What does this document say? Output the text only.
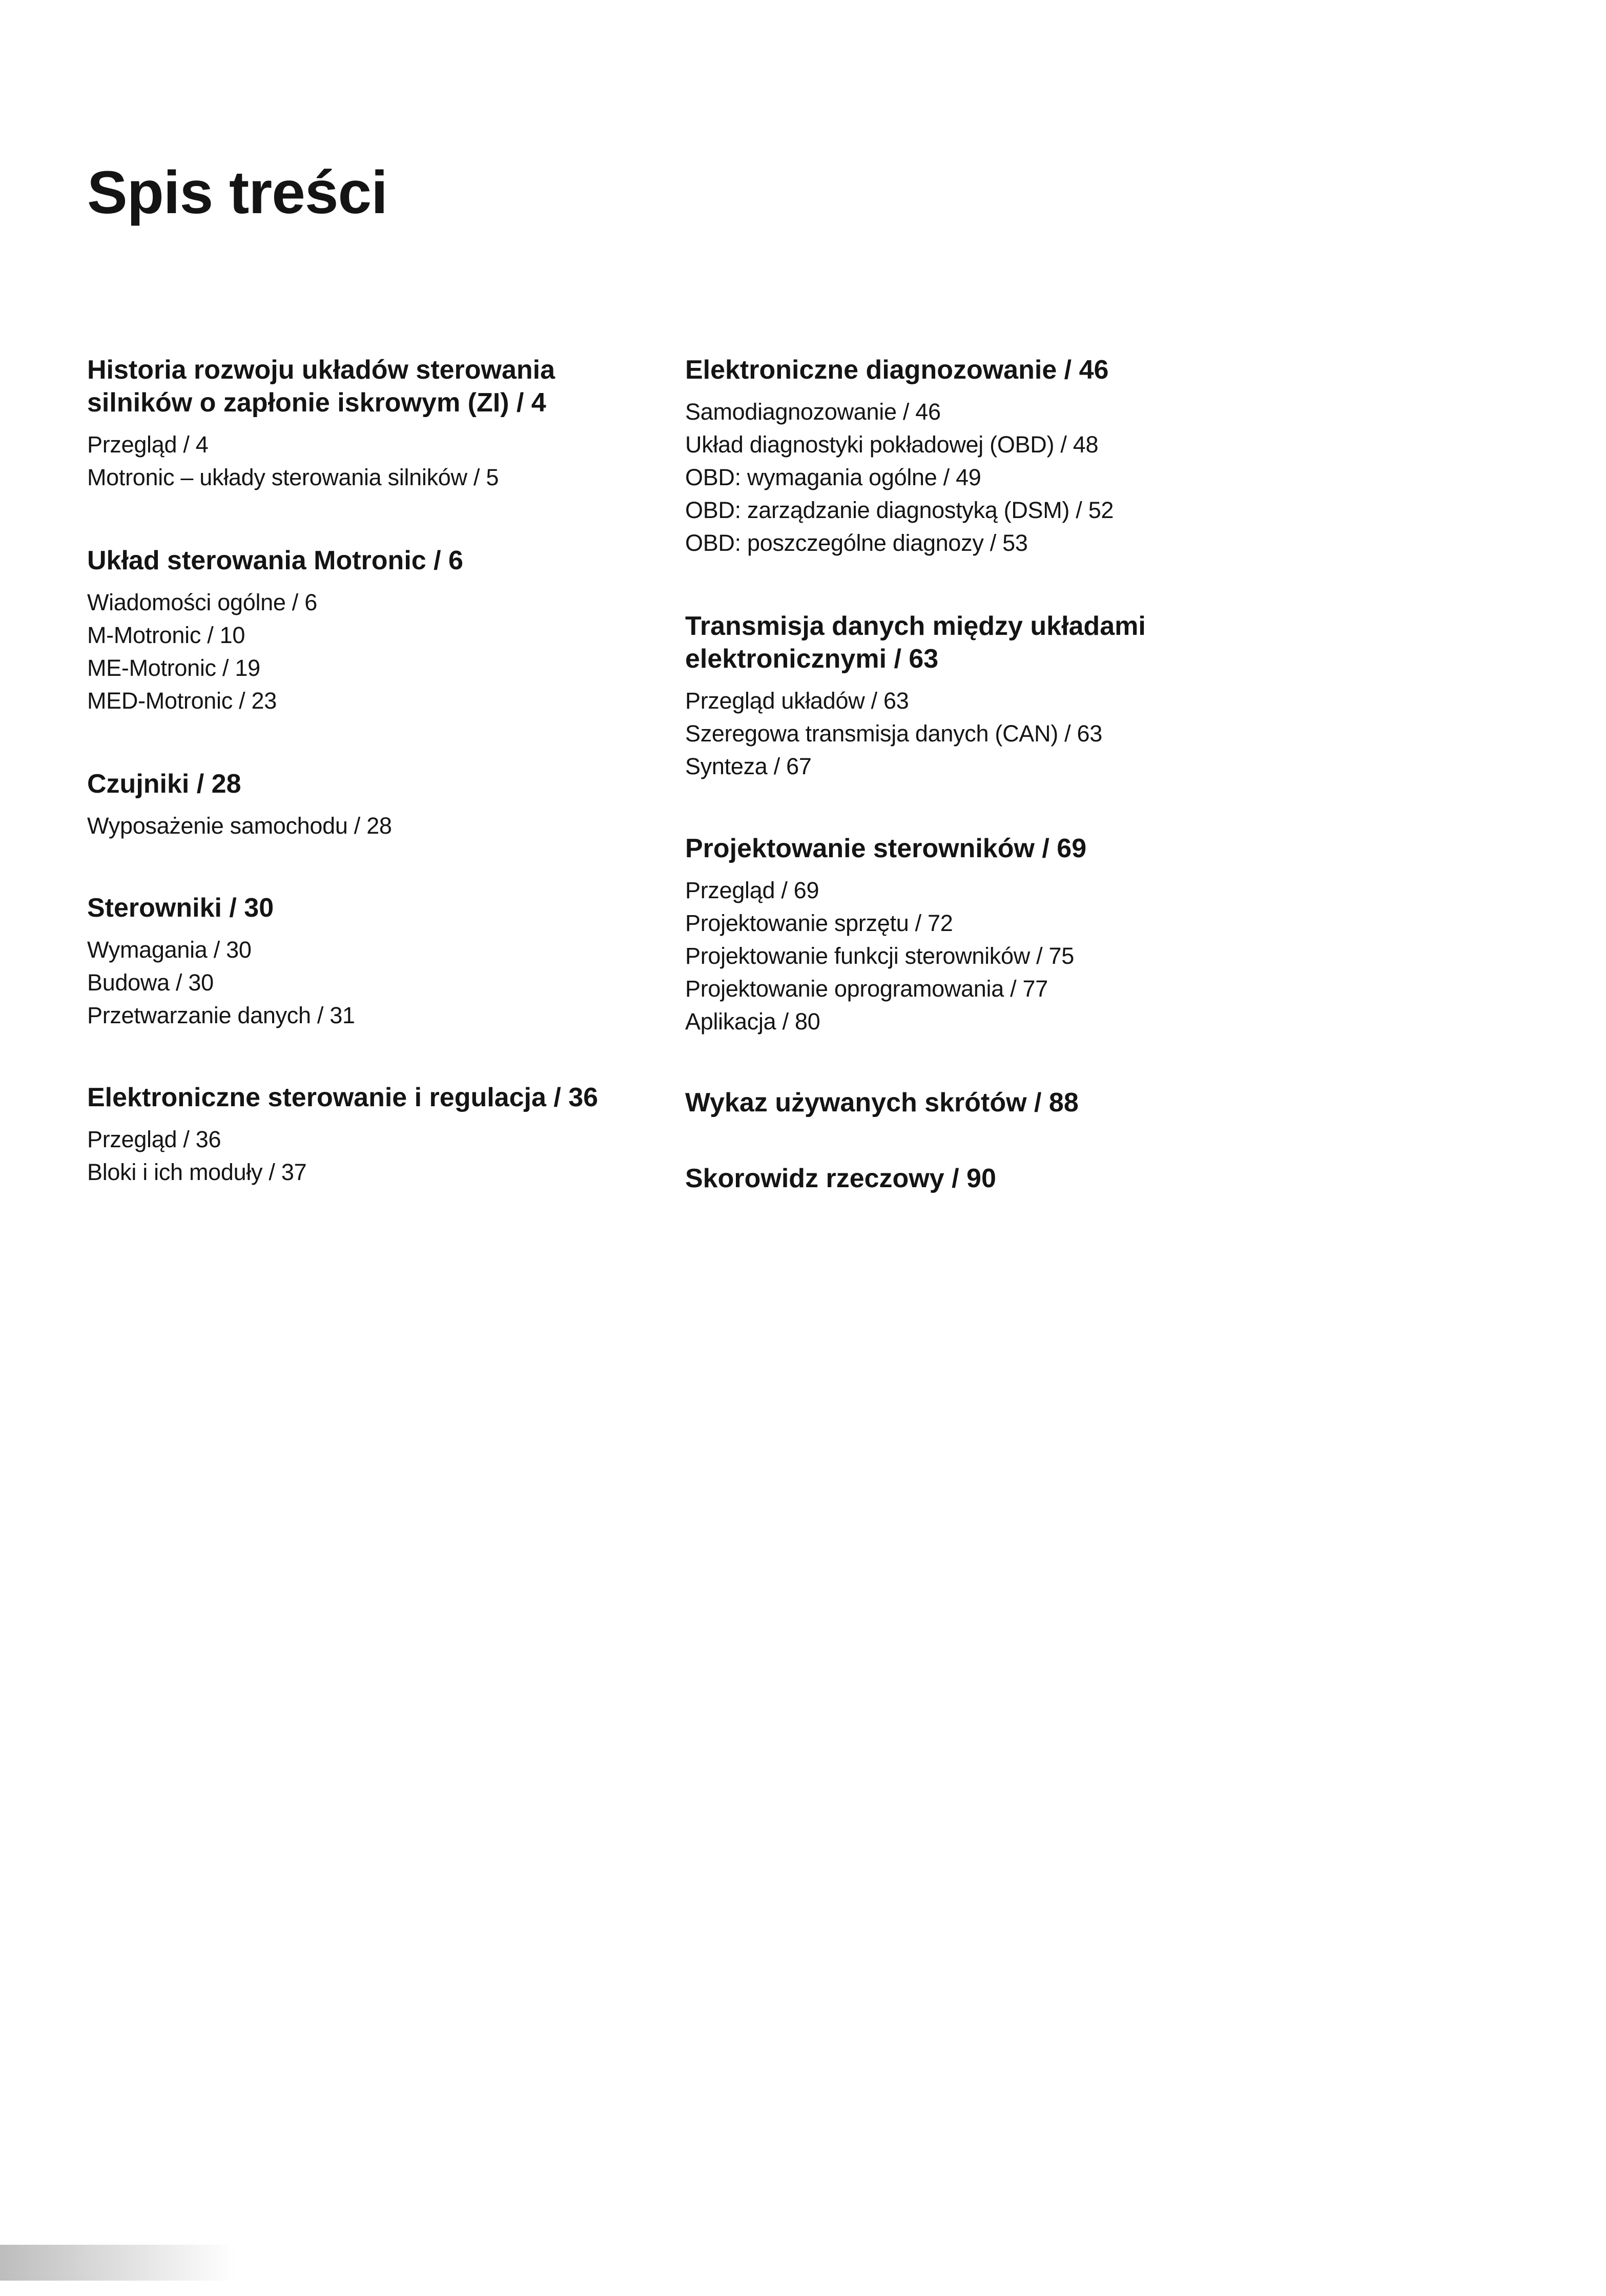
Spis treści
Historia rozwoju układów sterowania silników o zapłonie iskrowym (ZI) / 4
Przegląd / 4
Motronic – układy sterowania silników / 5
Układ sterowania Motronic / 6
Wiadomości ogólne / 6
M-Motronic / 10
ME-Motronic / 19
MED-Motronic / 23
Czujniki / 28
Wyposażenie samochodu / 28
Sterowniki / 30
Wymagania / 30
Budowa / 30
Przetwarzanie danych / 31
Elektroniczne sterowanie i regulacja / 36
Przegląd / 36
Bloki i ich moduły / 37
Elektroniczne diagnozowanie / 46
Samodiagnozowanie / 46
Układ diagnostyki pokładowej (OBD) / 48
OBD: wymagania ogólne / 49
OBD: zarządzanie diagnostyką (DSM) / 52
OBD: poszczególne diagnozy / 53
Transmisja danych między układami elektronicznymi / 63
Przegląd układów / 63
Szeregowa transmisja danych (CAN) / 63
Synteza / 67
Projektowanie sterowników / 69
Przegląd / 69
Projektowanie sprzętu / 72
Projektowanie funkcji sterowników / 75
Projektowanie oprogramowania / 77
Aplikacja / 80
Wykaz używanych skrótów / 88
Skorowidz rzeczowy / 90
